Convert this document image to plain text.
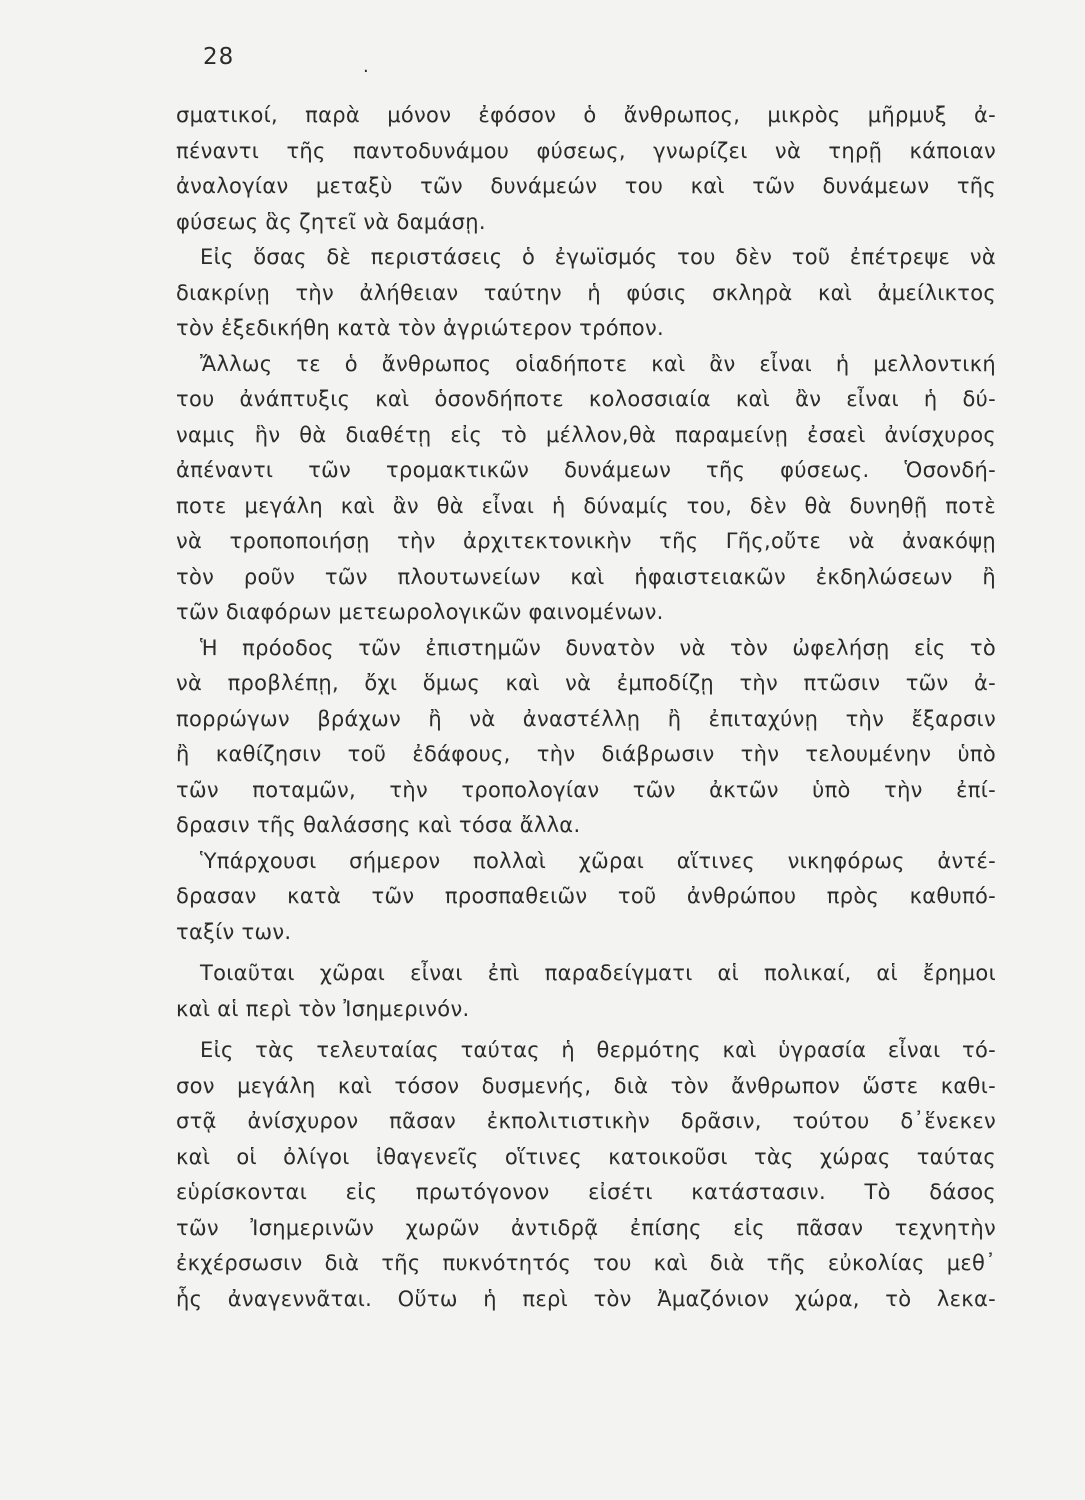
28	.
σματικοί, παρὰ μόνον ἐφόσον ὁ ἄνθρωπος, μικρὸς μῆρμυξ ἀ-
πέναντι τῆς παντοδυνάμου φύσεως, γνωρίζει νὰ τηρῇ κάποιαν
ἀναλογίαν μεταξὺ τῶν δυνάμεών του καὶ τῶν δυνάμεων τῆς
φύσεως ἃς ζητεῖ νὰ δαμάσῃ.
Εἰς ὅσας δὲ περιστάσεις ὁ ἐγωϊσμός του δὲν τοῦ ἐπέτρεψε νὰ
διακρίνῃ τὴν ἀλήθειαν ταύτην ἡ φύσις σκληρὰ καὶ ἀμείλικτος
τὸν ἐξεδικήθη κατὰ τὸν ἀγριώτερον τρόπον.
Ἄλλως τε ὁ ἄνθρωπος οἱαδήποτε καὶ ἂν εἶναι ἡ μελλοντική
του ἀνάπτυξις καὶ ὁσονδήποτε κολοσσιαία καὶ ἂν εἶναι ἡ δύ-
ναμις ἣν θὰ διαθέτῃ εἰς τὸ μέλλον,θὰ παραμείνῃ ἐσαεὶ ἀνίσχυρος
ἀπέναντι τῶν τρομακτικῶν δυνάμεων τῆς φύσεως. Ὁσονδή-
ποτε μεγάλη καὶ ἂν θὰ εἶναι ἡ δύναμίς του, δὲν θὰ δυνηθῇ ποτὲ
νὰ τροποποιήσῃ τὴν ἀρχιτεκτονικὴν τῆς Γῆς,οὔτε νὰ ἀνακόψῃ
τὸν ροῦν τῶν πλουτωνείων καὶ ἡφαιστειακῶν ἐκδηλώσεων ἢ
τῶν διαφόρων μετεωρολογικῶν φαινομένων.
Ἡ πρόοδος τῶν ἐπιστημῶν δυνατὸν νὰ τὸν ὠφελήσῃ εἰς τὸ
νὰ προβλέπῃ, ὄχι ὅμως καὶ νὰ ἐμποδίζῃ τὴν πτῶσιν τῶν ἀ-
πορρώγων βράχων ἢ νὰ ἀναστέλλῃ ἢ ἐπιταχύνῃ τὴν ἔξαρσιν
ἢ καθίζησιν τοῦ ἐδάφους, τὴν διάβρωσιν τὴν τελουμένην ὑπὸ
τῶν ποταμῶν, τὴν τροπολογίαν τῶν ἀκτῶν ὑπὸ τὴν ἐπί-
δρασιν τῆς θαλάσσης καὶ τόσα ἄλλα.
Ὑπάρχουσι σήμερον πολλαὶ χῶραι αἵτινες νικηφόρως ἀντέ-
δρασαν κατὰ τῶν προσπαθειῶν τοῦ ἀνθρώπου πρὸς καθυπό-
ταξίν των.
Τοιαῦται χῶραι εἶναι ἐπὶ παραδείγματι αἱ πολικαί, αἱ ἔρημοι
καὶ αἱ περὶ τὸν Ἰσημερινόν.
Εἰς τὰς τελευταίας ταύτας ἡ θερμότης καὶ ὑγρασία εἶναι τό-
σον μεγάλη καὶ τόσον δυσμενής, διὰ τὸν ἄνθρωπον ὥστε καθι-
στᾷ ἀνίσχυρον πᾶσαν ἐκπολιτιστικὴν δρᾶσιν, τούτου δ᾽ἕνεκεν
καὶ οἱ ὀλίγοι ἰθαγενεῖς οἵτινες κατοικοῦσι τὰς χώρας ταύτας
εὑρίσκονται εἰς πρωτόγονον εἰσέτι κατάστασιν. Τὸ δάσος
τῶν Ἰσημερινῶν χωρῶν ἀντιδρᾷ ἐπίσης εἰς πᾶσαν τεχνητὴν
ἐκχέρσωσιν διὰ τῆς πυκνότητός του καὶ διὰ τῆς εὐκολίας μεθ᾽
ἧς ἀναγεννᾶται. Οὕτω ἡ περὶ τὸν Ἀμαζόνιον χώρα, τὸ λεκα-
